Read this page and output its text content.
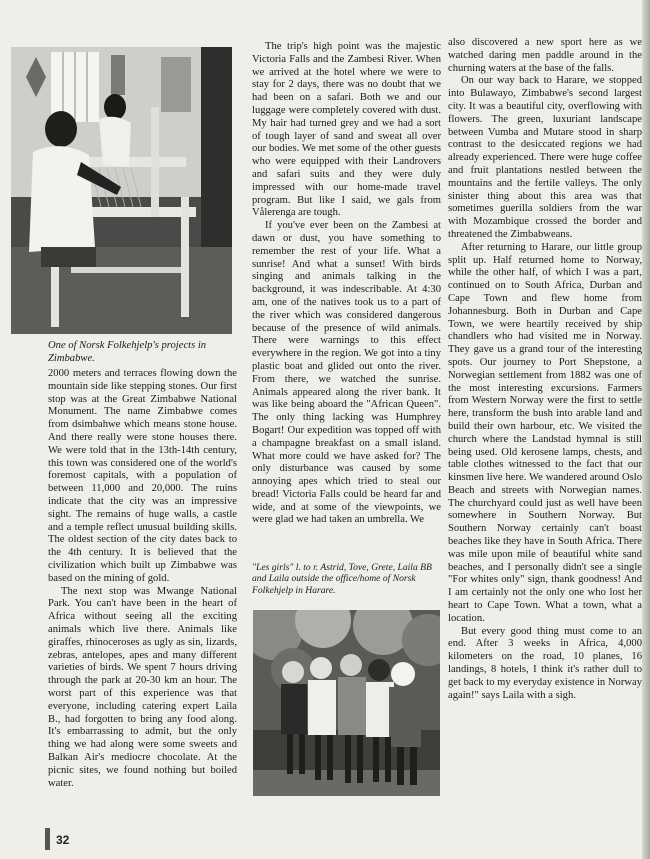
One of Norsk Folkehjelp's projects in Zimbabwe.

2000 meters and terraces flowing down the mountain side like stepping stones. Our first stop was at the Great Zimbabwe National Monument. The name Zimbabwe comes from dsimbahwe which means stone house. And there really were stone houses there. We were told that in the 13th-14th century, this town was considered one of the world's foremost capitals, with a population of between 11,000 and 20,000. The ruins indicate that the city was an impressive sight. The remains of huge walls, a castle and a temple reflect unusual building skills. The oldest section of the city dates back to the 4th century. It is believed that the civilization which built up Zimbabwe was based on the mining of gold.

The next stop was Mwange National Park. You can't have been in the heart of Africa without seeing all the exciting animals which live there. Animals like giraffes, rhinoceroses as ugly as sin, lizards, zebras, antelopes, apes and many different varieties of birds. We spent 7 hours driving through the park at 20-30 km an hour. The worst part of this experience was that everyone, including catering expert Laila B., had forgotten to bring any food along. It's embarrassing to admit, but the only thing we had along were some sweets and Balkan Air's mediocre chocolate. At the picnic sites, we found nothing but boiled water.

The trip's high point was the majestic Victoria Falls and the Zambesi River. When we arrived at the hotel where we were to stay for 2 days, there was no doubt that we had been on a safari. Both we and our luggage were completely covered with dust. My hair had turned grey and we had a sort of tough layer of sand and sweat all over our bodies. We met some of the other guests who were equipped with their Landrovers and safari suits and they were duly impressed with our home-made travel program. But like I said, we gals from Vålerenga are tough.

If you've ever been on the Zambesi at dawn or dust, you have something to remember the rest of your life. What a sunrise! And what a sunset! With birds singing and animals talking in the background, it was indescribable. At 4:30 am, one of the natives took us to a part of the river which was considered dangerous because of the presence of wild animals. There were warnings to this effect everywhere in the region. We got into a tiny plastic boat and glided out onto the river. From there, we watched the sunrise. Animals appeared along the river bank. It was like being aboard the "African Queen". The only thing lacking was Humphrey Bogart! Our expedition was topped off with a champagne breakfast on a small island. What more could we have asked for? The only disturbance was caused by some annoying apes which tried to steal our bread! Victoria Falls could be heard far and wide, and at some of the viewpoints, we were glad we had taken an umbrella. We

"Les girls" l. to r. Astrid, Tove, Grete, Laila BB and Laila outside the office/home of Norsk Folkehjelp in Harare.

also discovered a new sport here as we watched daring men paddle around in the churning waters at the base of the falls.

On our way back to Harare, we stopped into Bulawayo, Zimbabwe's second largest city. It was a beautiful city, overflowing with flowers. The green, luxuriant landscape between Vumba and Mutare stood in sharp contrast to the desiccated regions we had already experienced. There were huge coffee and fruit plantations nestled between the mountains and the fertile valleys. The only sinister thing about this area was that sometimes guerilla soldiers from the war with Mozambique crossed the border and threatened the Zimbabweans.

After returning to Harare, our little group split up. Half returned home to Norway, while the other half, of which I was a part, continued on to South Africa, Durban and Cape Town and flew home from Johannesburg. Both in Durban and Cape Town, we were heartily received by ship chandlers who had visited me in Norway. They gave us a grand tour of the interesting spots. Our journey to Port Shepstone, a Norwegian settlement from 1882 was one of the most interesting excursions. Farmers from Western Norway were the first to settle here, transform the bush into arable land and build their own harbour, etc. We visited the church where the Landstad hymnal is still being used. Old kerosene lamps, chests, and table clothes witnessed to the fact that our kinsmen live here. We wandered around Oslo Beach and streets with Norwegian names. The churchyard could just as well have been somewhere in Southern Norway. But Southern Norway certainly can't boast beaches like they have in South Africa. There was mile upon mile of beautiful white sand beaches, and I personally didn't see a single "For whites only" sign, thank goodness! And I am certainly not the only one who lost her heart to Cape Town. What a town, what a location.

But every good thing must come to an end. After 3 weeks in Africa, 4,000 kilometers on the road, 10 planes, 16 landings, 8 hotels, I think it's rather dull to get back to my everyday existence in Norway again!" says Laila with a sigh.

32
